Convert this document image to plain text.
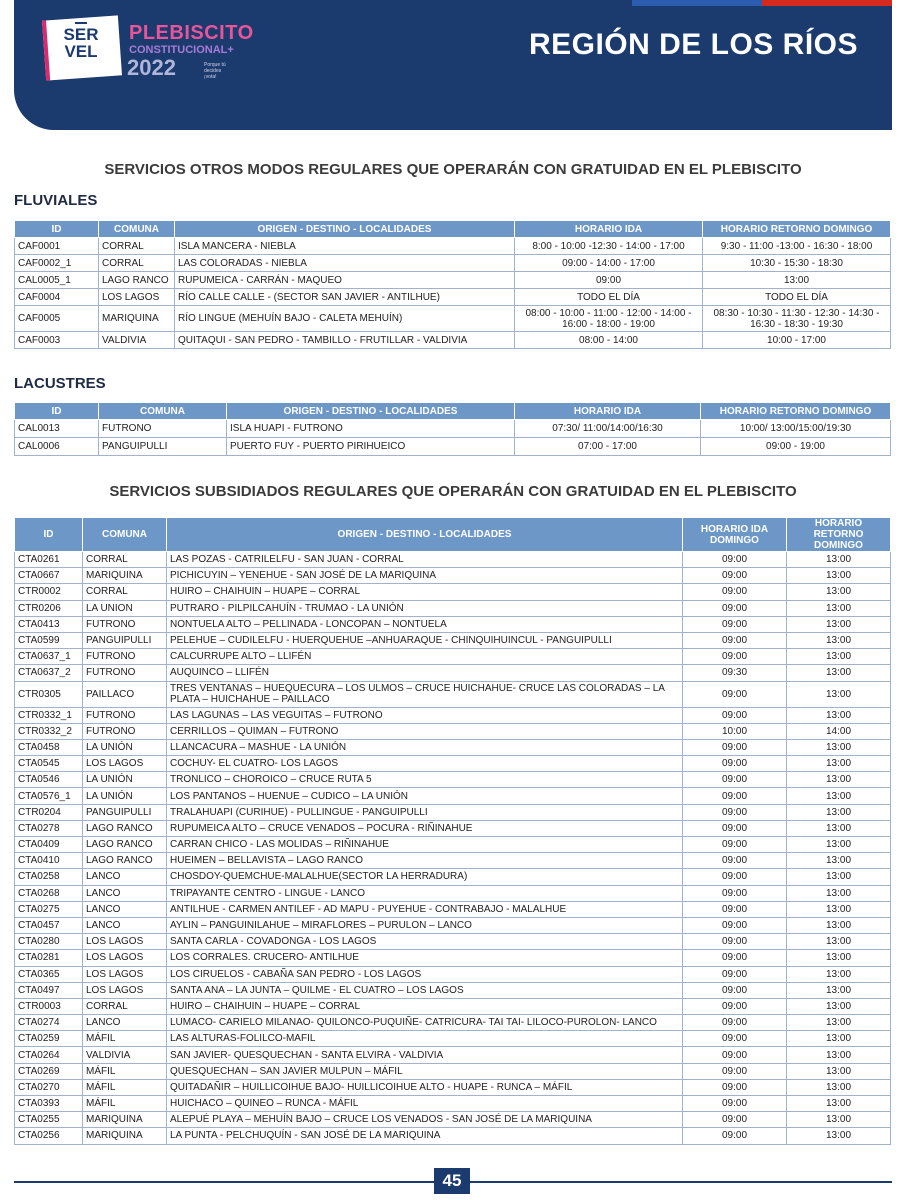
SER VEL
PLEBISCITO
CONSTITUCIONAL+
2022	Porque tú decides ¡vota!
REGIÓN DE LOS RÍOS
SERVICIOS OTROS MODOS REGULARES QUE OPERARÁN CON GRATUIDAD EN EL PLEBISCITO
FLUVIALES
ID	COMUNA	ORIGEN - DESTINO - LOCALIDADES	HORARIO IDA	HORARIO RETORNO DOMINGO
CAF0001	CORRAL	ISLA MANCERA - NIEBLA	8:00 - 10:00 -12:30 - 14:00 - 17:00	9:30 - 11:00 -13:00 - 16:30 - 18:00
CAF0002_1	CORRAL	LAS COLORADAS - NIEBLA	09:00 - 14:00 - 17:00	10:30 - 15:30 - 18:30
CAL0005_1	LAGO RANCO	RUPUMEICA - CARRÁN - MAQUEO	09:00	13:00
CAF0004	LOS LAGOS	RÍO CALLE CALLE - (SECTOR SAN JAVIER - ANTILHUE)	TODO EL DÍA	TODO EL DÍA
CAF0005	MARIQUINA	RÍO LINGUE (MEHUÍN BAJO - CALETA MEHUÍN)	08:00 - 10:00 - 11:00 - 12:00 - 14:00 - 16:00 - 18:00 - 19:00	08:30 - 10:30 - 11:30 - 12:30 - 14:30 - 16:30 - 18:30 - 19:30
CAF0003	VALDIVIA	QUITAQUI - SAN PEDRO - TAMBILLO - FRUTILLAR - VALDIVIA	08:00 - 14:00	10:00 - 17:00
LACUSTRES
ID	COMUNA	ORIGEN - DESTINO - LOCALIDADES	HORARIO IDA	HORARIO RETORNO DOMINGO
CAL0013	FUTRONO	ISLA HUAPI - FUTRONO	07:30/ 11:00/14:00/16:30	10:00/ 13:00/15:00/19:30
CAL0006	PANGUIPULLI	PUERTO FUY - PUERTO PIRIHUEICO	07:00 - 17:00	09:00 - 19:00
SERVICIOS SUBSIDIADOS REGULARES QUE OPERARÁN CON GRATUIDAD EN EL PLEBISCITO
ID	COMUNA	ORIGEN - DESTINO - LOCALIDADES	HORARIO IDA DOMINGO	HORARIO RETORNO DOMINGO
CTA0261	CORRAL	LAS POZAS - CATRILELFU - SAN JUAN - CORRAL	09:00	13:00
CTA0667	MARIQUINA	PICHICUYIN – YENEHUE - SAN JOSÉ DE LA MARIQUINA	09:00	13:00
CTR0002	CORRAL	HUIRO – CHAIHUIN – HUAPE – CORRAL	09:00	13:00
CTR0206	LA UNION	PUTRARO - PILPILCAHUÍN - TRUMAO - LA UNIÓN	09:00	13:00
CTA0413	FUTRONO	NONTUELA ALTO – PELLINADA - LONCOPAN – NONTUELA	09:00	13:00
CTA0599	PANGUIPULLI	PELEHUE – CUDILELFU - HUERQUEHUE –ANHUARAQUE - CHINQUIHUINCUL - PANGUIPULLI	09:00	13:00
CTA0637_1	FUTRONO	CALCURRUPE ALTO – LLIFÉN	09:00	13:00
CTA0637_2	FUTRONO	AUQUINCO – LLIFÉN	09:30	13:00
CTR0305	PAILLACO	TRES VENTANAS – HUEQUECURA – LOS ULMOS – CRUCE HUICHAHUE- CRUCE LAS COLORADAS – LA PLATA – HUICHAHUE – PAILLACO	09:00	13:00
CTR0332_1	FUTRONO	LAS LAGUNAS – LAS VEGUITAS – FUTRONO	09:00	13:00
CTR0332_2	FUTRONO	CERRILLOS – QUIMAN – FUTRONO	10:00	14:00
CTA0458	LA UNIÓN	LLANCACURA – MASHUE - LA UNIÓN	09:00	13:00
CTA0545	LOS LAGOS	COCHUY- EL CUATRO- LOS LAGOS	09:00	13:00
CTA0546	LA UNIÓN	TRONLICO – CHOROICO – CRUCE RUTA 5	09:00	13:00
CTA0576_1	LA UNIÓN	LOS PANTANOS – HUENUE – CUDICO – LA UNIÓN	09:00	13:00
CTR0204	PANGUIPULLI	TRALAHUAPI (CURIHUE) - PULLINGUE - PANGUIPULLI	09:00	13:00
CTA0278	LAGO RANCO	RUPUMEICA ALTO – CRUCE VENADOS – POCURA - RIÑINAHUE	09:00	13:00
CTA0409	LAGO RANCO	CARRAN CHICO - LAS MOLIDAS – RIÑINAHUE	09:00	13:00
CTA0410	LAGO RANCO	HUEIMEN – BELLAVISTA – LAGO RANCO	09:00	13:00
CTA0258	LANCO	CHOSDOY-QUEMCHUE-MALALHUE(SECTOR LA HERRADURA)	09:00	13:00
CTA0268	LANCO	TRIPAYANTE CENTRO - LINGUE - LANCO	09:00	13:00
CTA0275	LANCO	ANTILHUE - CARMEN ANTILEF - AD MAPU - PUYEHUE - CONTRABAJO - MALALHUE	09:00	13:00
CTA0457	LANCO	AYLIN – PANGUINILAHUE – MIRAFLORES – PURULON – LANCO	09:00	13:00
CTA0280	LOS LAGOS	SANTA CARLA - COVADONGA - LOS LAGOS	09:00	13:00
CTA0281	LOS LAGOS	LOS CORRALES. CRUCERO- ANTILHUE	09:00	13:00
CTA0365	LOS LAGOS	LOS CIRUELOS - CABAÑA SAN PEDRO - LOS LAGOS	09:00	13:00
CTA0497	LOS LAGOS	SANTA ANA – LA JUNTA – QUILME - EL CUATRO – LOS LAGOS	09:00	13:00
CTR0003	CORRAL	HUIRO – CHAIHUIN – HUAPE – CORRAL	09:00	13:00
CTA0274	LANCO	LUMACO- CARIELO MILANAO- QUILONCO-PUQUIÑE- CATRICURA- TAI TAI- LILOCO-PUROLON- LANCO	09:00	13:00
CTA0259	MÁFIL	LAS ALTURAS-FOLILCO-MAFIL	09:00	13:00
CTA0264	VALDIVIA	SAN JAVIER- QUESQUECHAN - SANTA ELVIRA - VALDIVIA	09:00	13:00
CTA0269	MÁFIL	QUESQUECHAN – SAN JAVIER MULPUN – MÁFIL	09:00	13:00
CTA0270	MÁFIL	QUITADAÑIR – HUILLICOIHUE BAJO- HUILLICOIHUE ALTO - HUAPE - RUNCA – MÁFIL	09:00	13:00
CTA0393	MÁFIL	HUICHACO – QUINEO – RUNCA - MÁFIL	09:00	13:00
CTA0255	MARIQUINA	ALEPUÉ PLAYA – MEHUÍN BAJO – CRUCE LOS VENADOS - SAN JOSÉ DE LA MARIQUINA	09:00	13:00
CTA0256	MARIQUINA	LA PUNTA - PELCHUQUÍN - SAN JOSÉ DE LA MARIQUINA	09:00	13:00
45
